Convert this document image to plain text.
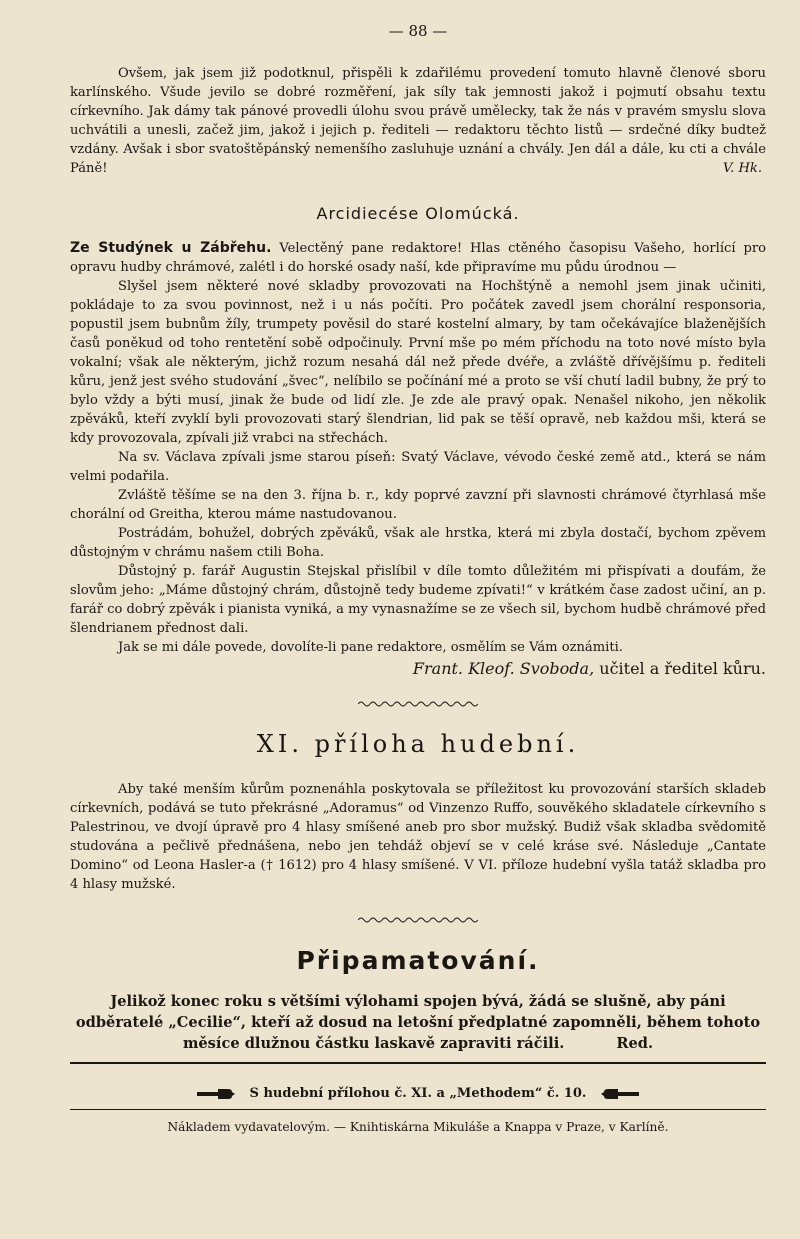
— 88 —

Ovšem, jak jsem již podotknul, přispěli k zdařilému provedení tomuto hlavně členové sboru karlínského. Všude jevilo se dobré rozměření, jak síly tak jemnosti jakož i pojmutí obsahu textu církevního. Jak dámy tak pánové provedli úlohu svou právě umělecky, tak že nás v pravém smyslu slova uchvátili a unesli, začež jim, jakož i jejich p. řediteli — redaktoru těchto listů — srdečné díky budtež vzdány. Avšak i sbor svatoštěpánský nemenšího zasluhuje uznání a chvály. Jen dál a dále, ku cti a chvále Páně!	V. Hk.

Arcidiecése Olomúcká.

Ze Studýnek u Zábřehu. Velectěný pane redaktore! Hlas ctěného časopisu Vašeho, horlící pro opravu hudby chrámové, zalétl i do horské osady naší, kde připravíme mu půdu úrodnou —

Slyšel jsem některé nové skladby provozovati na Hochštýně a nemohl jsem jinak učiniti, pokládaje to za svou povinnost, než i u nás počíti. Pro počátek zavedl jsem chorální responsoria, popustil jsem bubnům žíly, trumpety pověsil do staré kostelní almary, by tam očekávajíce blaženějších časů poněkud od toho rentetění sobě odpočinuly. První mše po mém příchodu na toto nové místo byla vokalní; však ale některým, jichž rozum nesahá dál než přede dvéře, a zvláště dřívějšímu p. řediteli kůru, jenž jest svého studování „švec“, nelíbilo se počínání mé a proto se vší chutí ladil bubny, že prý to bylo vždy a býti musí, jinak že bude od lidí zle. Je zde ale pravý opak. Nenašel nikoho, jen několik zpěváků, kteří zvyklí byli provozovati starý šlendrian, lid pak se těší opravě, neb každou mši, která se kdy provozovala, zpívali již vrabci na střechách.

Na sv. Václava zpívali jsme starou píseň: Svatý Václave, vévodo české země atd., která se nám velmi podařila.

Zvláště těšíme se na den 3. října b. r., kdy poprvé zavzní při slavnosti chrámové čtyrhlasá mše chorální od Greitha, kterou máme nastudovanou.

Postrádám, bohužel, dobrých zpěváků, však ale hrstka, která mi zbyla dostačí, bychom zpěvem důstojným v chrámu našem ctili Boha.

Důstojný p. farář Augustin Stejskal přislíbil v díle tomto důležitém mi přispívati a doufám, že slovům jeho: „Máme důstojný chrám, důstojně tedy budeme zpívati!“ v krátkém čase zadost učiní, an p. farář co dobrý zpěvák i pianista vyniká, a my vynasnažíme se ze všech sil, bychom hudbě chrámové před šlendrianem přednost dali.

Jak se mi dále povede, dovolíte-li pane redaktore, osmělím se Vám oznámiti.

Frant. Kleof. Svoboda, učitel a ředitel kůru.
XI. příloha hudební.

Aby také menším kůrům poznenáhla poskytovala se příležitost ku provozování starších skladeb církevních, podává se tuto překrásné „Adoramus“ od Vinzenzo Ruffo, souvěkého skladatele církevního s Palestrinou, ve dvojí úpravě pro 4 hlasy smíšené aneb pro sbor mužský. Budiž však skladba svědomitě studována a pečlivě přednášena, nebo jen tehdáž objeví se v celé kráse své. Následuje „Cantate Domino“ od Leona Hasler-a († 1612) pro 4 hlasy smíšené. V VI. příloze hudební vyšla tatáž skladba pro 4 hlasy mužské.

Připamatování.
Jelikož konec roku s většími výlohami spojen bývá, žádá se slušně, aby páni odběratelé „Cecilie“, kteří až dosud na letošní předplatné zapomněli, během tohoto měsíce dlužnou částku laskavě zapraviti ráčili.	Red.
S hudební přílohou č. XI. a „Methodem“ č. 10.
Nákladem vydavatelovým. — Knihtiskárna Mikuláše a Knappa v Praze, v Karlíně.
